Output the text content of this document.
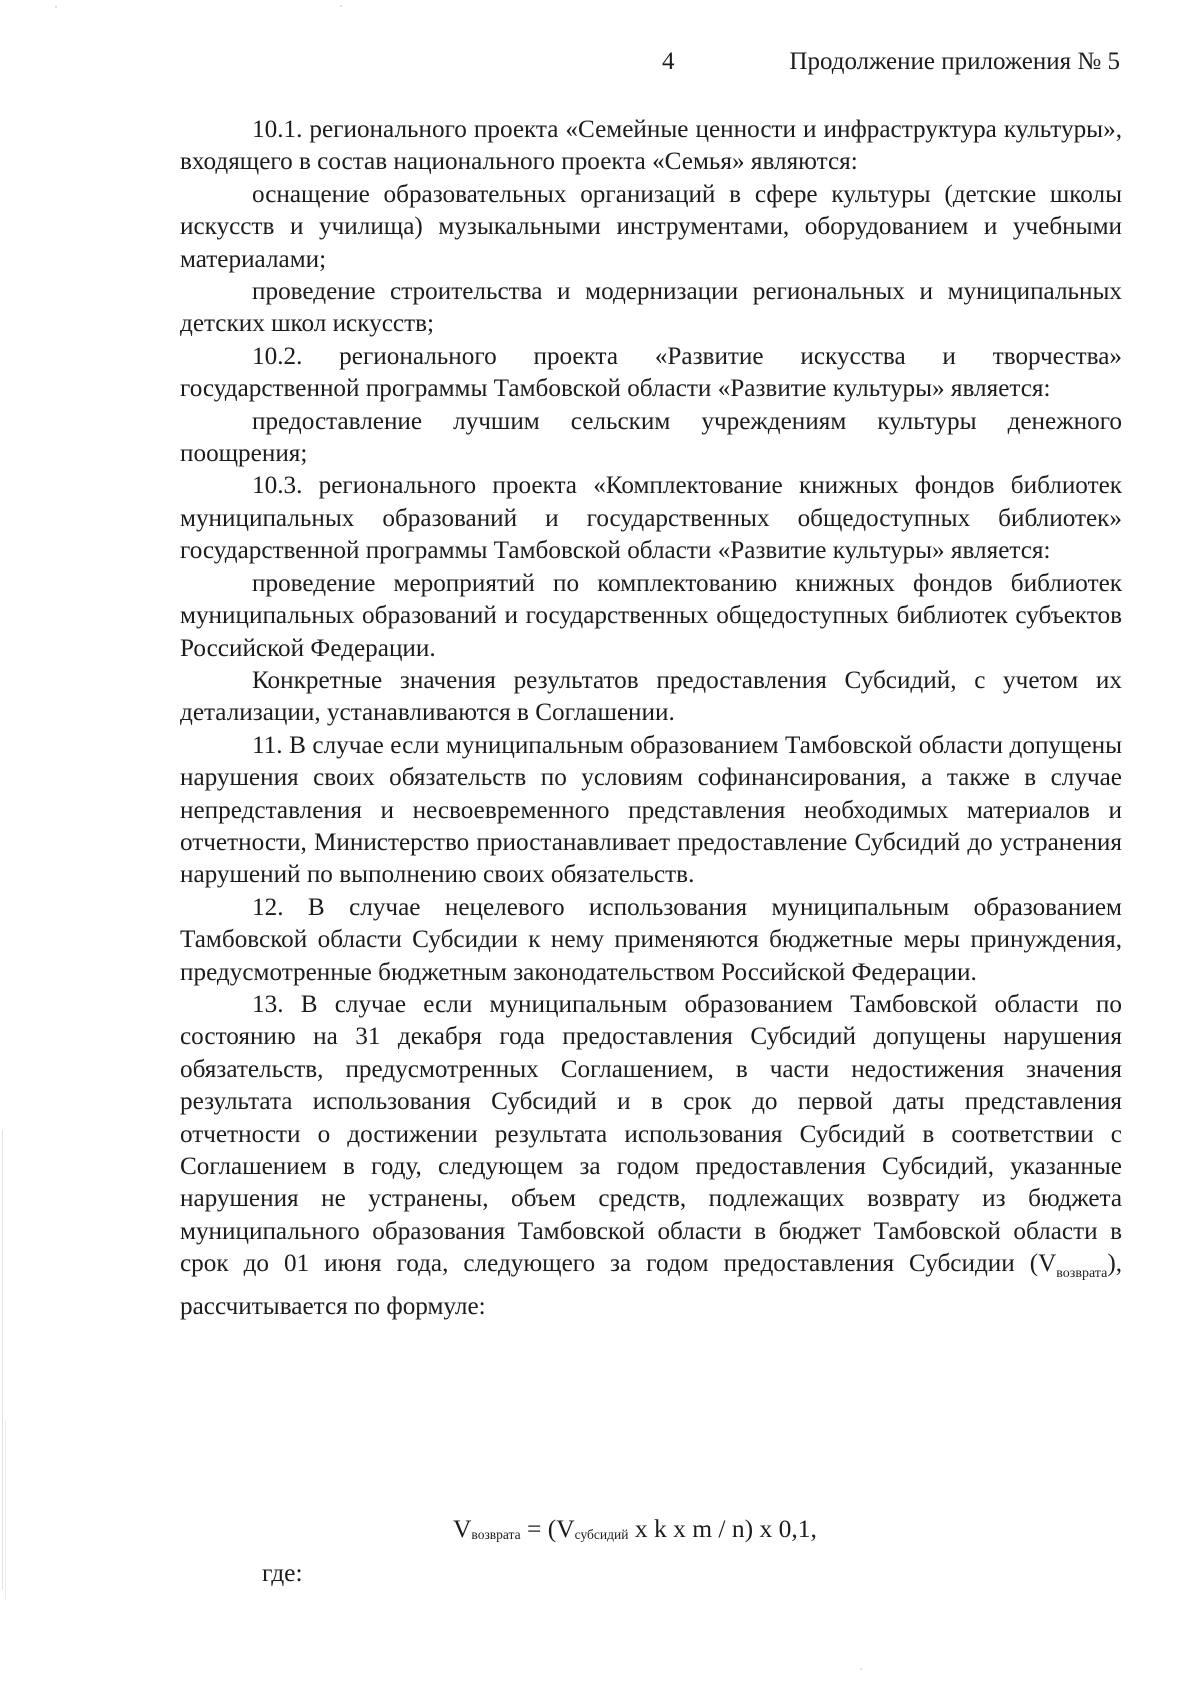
4	Продолжение приложения № 5

10.1. регионального проекта «Семейные ценности и инфраструктура культуры», входящего в состав национального проекта «Семья» являются:

оснащение образовательных организаций в сфере культуры (детские школы искусств и училища) музыкальными инструментами, оборудованием и учебными материалами;

проведение строительства и модернизации региональных и муниципальных детских школ искусств;

10.2. регионального проекта «Развитие искусства и творчества» государственной программы Тамбовской области «Развитие культуры» является:

предоставление лучшим сельским учреждениям культуры денежного поощрения;

10.3. регионального проекта «Комплектование книжных фондов библиотек муниципальных образований и государственных общедоступных библиотек» государственной программы Тамбовской области «Развитие культуры» является:

проведение мероприятий по комплектованию книжных фондов библиотек муниципальных образований и государственных общедоступных библиотек субъектов Российской Федерации.

Конкретные значения результатов предоставления Субсидий, с учетом их детализации, устанавливаются в Соглашении.

11. В случае если муниципальным образованием Тамбовской области допущены нарушения своих обязательств по условиям софинансирования, а также в случае непредставления и несвоевременного представления необходимых материалов и отчетности, Министерство приостанавливает предоставление Субсидий до устранения нарушений по выполнению своих обязательств.

12. В случае нецелевого использования муниципальным образованием Тамбовской области Субсидии к нему применяются бюджетные меры принуждения, предусмотренные бюджетным законодательством Российской Федерации.

13. В случае если муниципальным образованием Тамбовской области по состоянию на 31 декабря года предоставления Субсидий допущены нарушения обязательств, предусмотренных Соглашением, в части недостижения значения результата использования Субсидий и в срок до первой даты представления отчетности о достижении результата использования Субсидий в соответствии с Соглашением в году, следующем за годом предоставления Субсидий, указанные нарушения не устранены, объем средств, подлежащих возврату из бюджета муниципального образования Тамбовской области в бюджет Тамбовской области в срок до 01 июня года, следующего за годом предоставления Субсидии $(V_{возврата})$, рассчитывается по формуле:

$V_{возврата} = (V_{субсидий}$ x k x m / n) x 0,1,
где:
